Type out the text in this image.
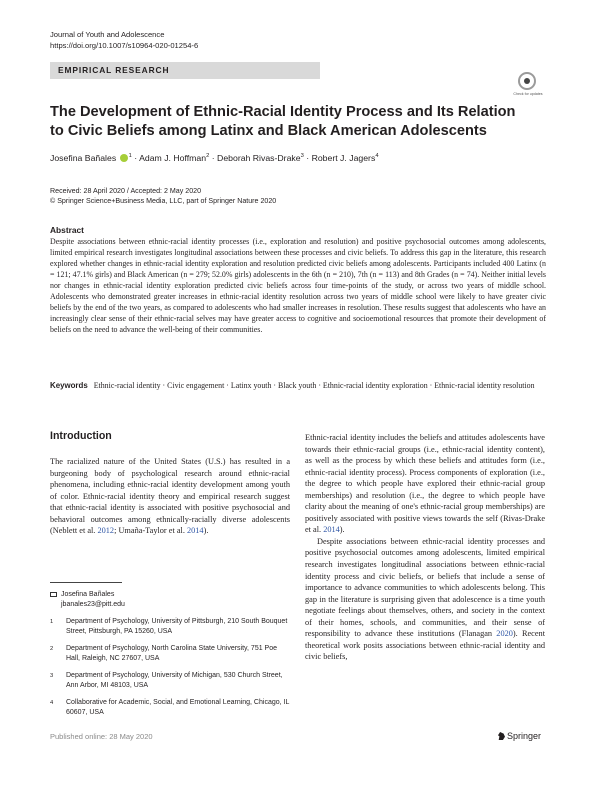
Journal of Youth and Adolescence
https://doi.org/10.1007/s10964-020-01254-6
EMPIRICAL RESEARCH
Check for updates
The Development of Ethnic-Racial Identity Process and Its Relation
to Civic Beliefs among Latinx and Black American Adolescents
Josefina Bañales $^1$ · Adam J. Hoffman$^2$ · Deborah Rivas-Drake$^3$ · Robert J. Jagers$^4$
Received: 28 April 2020 / Accepted: 2 May 2020
© Springer Science+Business Media, LLC, part of Springer Nature 2020
Abstract
Despite associations between ethnic-racial identity processes (i.e., exploration and resolution) and positive psychosocial outcomes among adolescents, limited empirical research investigates longitudinal associations between these processes and civic beliefs. To address this gap in the literature, this research explored whether changes in ethnic-racial identity exploration and resolution predicted civic beliefs among adolescents. Participants included 400 Latinx (n = 121; 47.1% girls) and Black American (n = 279; 52.0% girls) adolescents in the 6th (n = 210), 7th (n = 113) and 8th Grades (n = 74). Neither initial levels nor changes in ethnic-racial identity exploration predicted civic beliefs across four time-points of the study, or across two years of middle school. Adolescents who demonstrated greater increases in ethnic-racial identity resolution across two years of middle school were likely to have greater civic beliefs by the end of the two years, as compared to adolescents who had smaller increases in resolution. These results suggest that adolescents who have an increasingly clear sense of their ethnic-racial selves may have greater access to cognitive and socioemotional resources that promote their development of beliefs on the need to advance the well-being of their communities.
Keywords Ethnic-racial identity · Civic engagement · Latinx youth · Black youth · Ethnic-racial identity exploration · Ethnic-racial identity resolution
Introduction

The racialized nature of the United States (U.S.) has resulted in a burgeoning body of psychological research around ethnic-racial phenomena, including ethnic-racial identity development among youth of color. Ethnic-racial identity theory and empirical research suggest that ethnic-racial identity is associated with positive psychosocial and behavioral outcomes among ethnically-racially diverse adolescents (Neblett et al. 2012; Umaña-Taylor et al. 2014).

Josefina Bañales
jbanales23@pitt.edu
1 Department of Psychology, University of Pittsburgh, 210 South Bouquet Street, Pittsburgh, PA 15260, USA
2 Department of Psychology, North Carolina State University, 751 Poe Hall, Raleigh, NC 27607, USA
3 Department of Psychology, University of Michigan, 530 Church Street, Ann Arbor, MI 48103, USA
4 Collaborative for Academic, Social, and Emotional Learning, Chicago, IL 60607, USA

Ethnic-racial identity includes the beliefs and attitudes adolescents have towards their ethnic-racial groups (i.e., ethnic-racial identity content), as well as the process by which these beliefs and attitudes form (i.e., ethnic-racial identity process). Process components of exploration (i.e., the degree to which people have explored their ethnic-racial group memberships) and resolution (i.e., the degree to which people have clarity about the meaning of one's ethnic-racial group memberships) are positively associated with positive views towards the self (Rivas-Drake et al. 2014).

Despite associations between ethnic-racial identity processes and positive psychosocial outcomes among adolescents, limited empirical research investigates longitudinal associations between ethnic-racial identity process and civic beliefs, or beliefs that include a sense of importance to advance communities to which adolescents belong. This gap in the literature is surprising given that adolescence is a time youth negotiate feelings about themselves, others, and society in the context of their homes, schools, and communities, and their sense of responsibility to advance these institutions (Flanagan 2020). Recent theoretical work posits associations between ethnic-racial identity and civic beliefs,

Published online: 28 May 2020	Springer
